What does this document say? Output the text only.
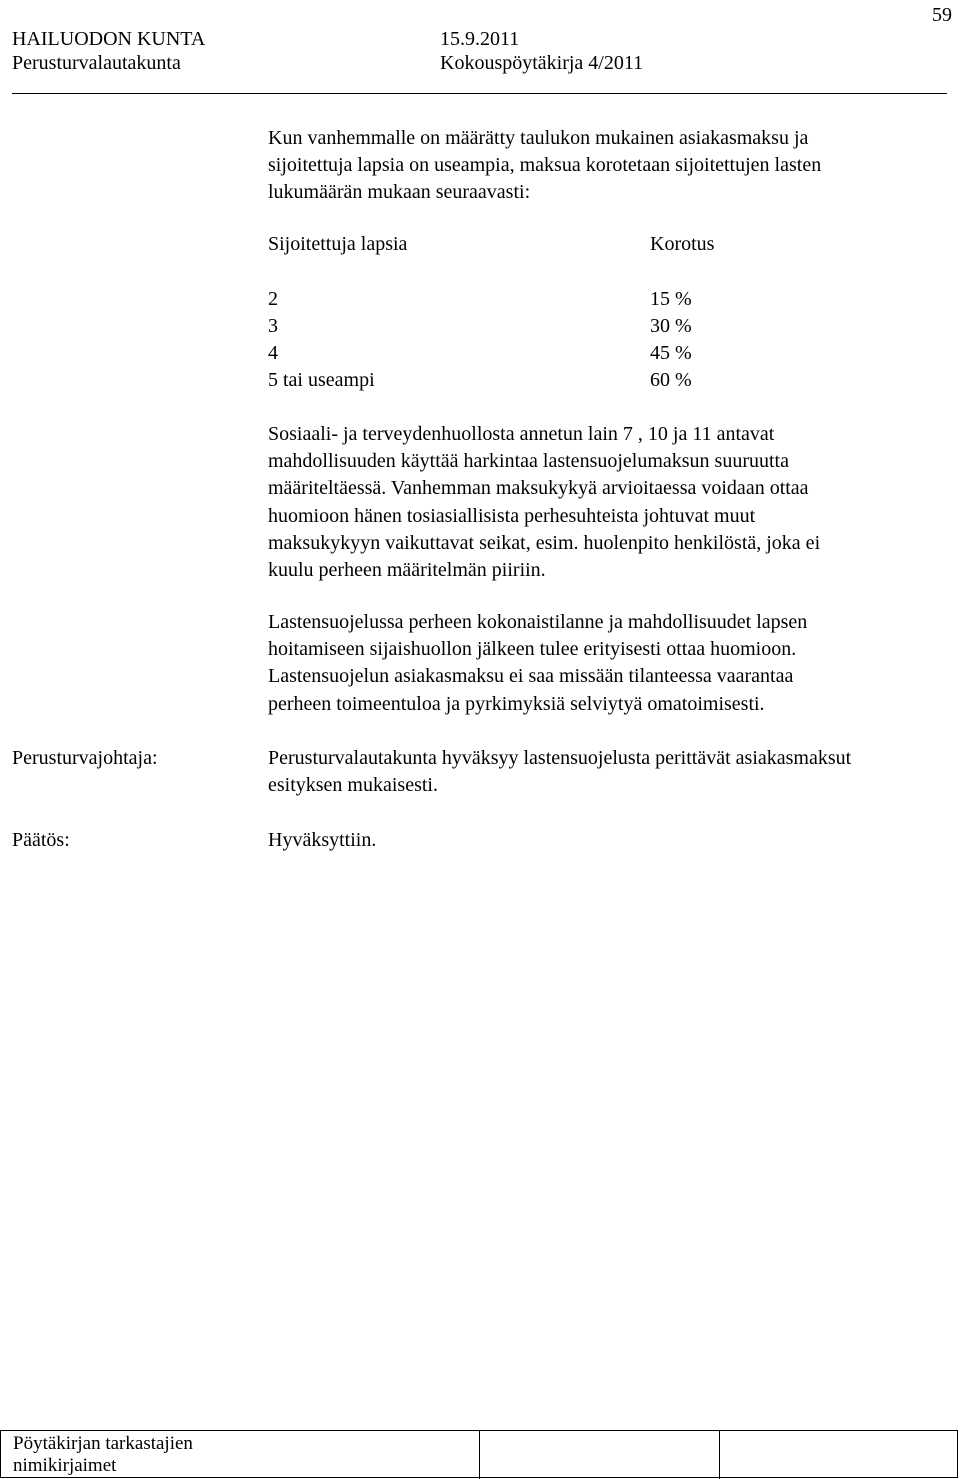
59
HAILUODON KUNTA	15.9.2011
Perusturvalautakunta	Kokouspöytäkirja 4/2011
Kun vanhemmalle on määrätty taulukon mukainen asiakasmaksu ja
sijoitettuja lapsia on useampia, maksua korotetaan sijoitettujen lasten
lukumäärän mukaan seuraavasti:
Sijoitettuja lapsia	Korotus
2	15 %
3	30 %
4	45 %
5 tai useampi	60 %
Sosiaali- ja terveydenhuollosta annetun lain 7 , 10 ja 11 antavat
mahdollisuuden käyttää harkintaa lastensuojelumaksun suuruutta
määriteltäessä. Vanhemman maksukykyä arvioitaessa voidaan ottaa
huomioon hänen tosiasiallisista perhesuhteista johtuvat muut
maksukykyyn vaikuttavat seikat, esim. huolenpito henkilöstä, joka ei
kuulu perheen määritelmän piiriin.
Lastensuojelussa perheen kokonaistilanne ja mahdollisuudet lapsen
hoitamiseen sijaishuollon jälkeen tulee erityisesti ottaa huomioon.
Lastensuojelun asiakasmaksu ei saa missään tilanteessa vaarantaa
perheen toimeentuloa ja pyrkimyksiä selviytyä omatoimisesti.
Perusturvajohtaja:	Perusturvalautakunta hyväksyy lastensuojelusta perittävät asiakasmaksut
esityksen mukaisesti.
Päätös:	Hyväksyttiin.
Pöytäkirjan tarkastajien
nimikirjaimet
